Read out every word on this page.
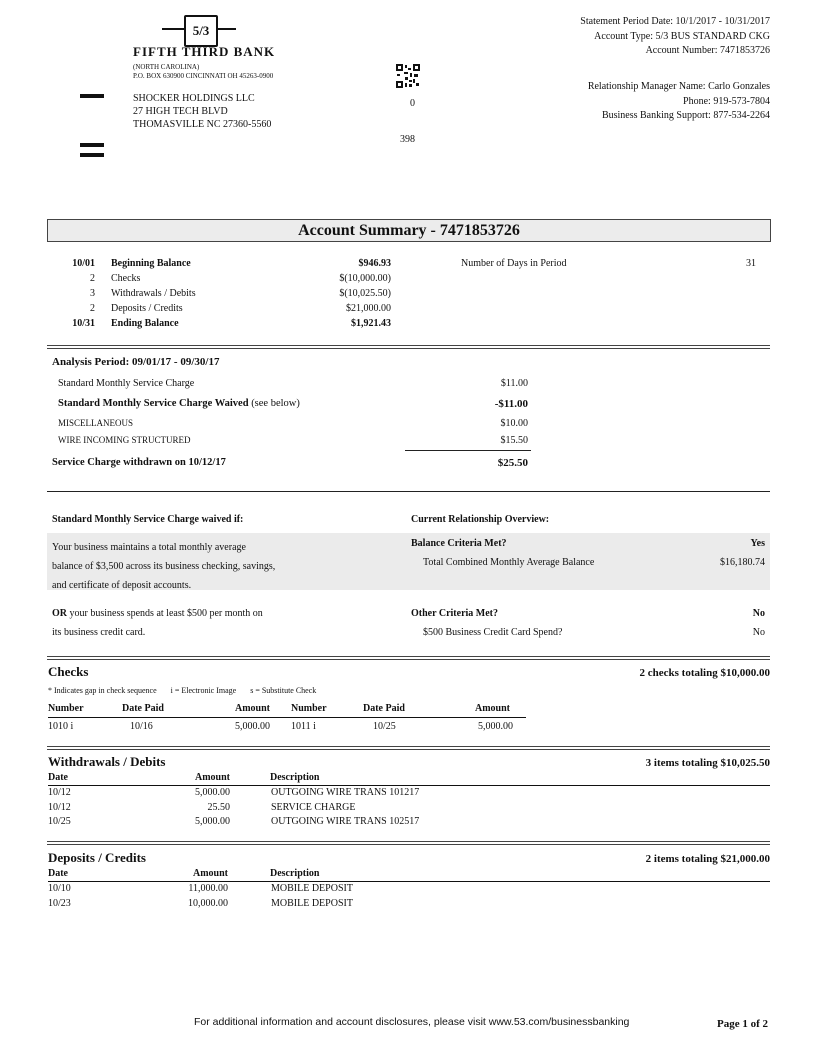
5/3
FIFTH THIRD BANK
(NORTH CAROLINA)
P.O. BOX 630900 CINCINNATI OH 45263-0900
SHOCKER HOLDINGS LLC
27 HIGH TECH BLVD
THOMASVILLE NC 27360-5560
0
398
Statement Period Date: 10/1/2017 - 10/31/2017
Account Type: 5/3 BUS STANDARD CKG
Account Number: 7471853726
Relationship Manager Name: Carlo Gonzales
Phone: 919-573-7804
Business Banking Support: 877-534-2264
Account Summary - 7471853726
10/01 Beginning Balance	$946.93
2 Checks	$(10,000.00)
3 Withdrawals / Debits	$(10,025.50)
2 Deposits / Credits	$21,000.00
10/31 Ending Balance	$1,921.43
Number of Days in Period	31
Analysis Period: 09/01/17 - 09/30/17
Standard Monthly Service Charge	$11.00
Standard Monthly Service Charge Waived (see below)	-$11.00
MISCELLANEOUS	$10.00
WIRE INCOMING STRUCTURED	$15.50
Service Charge withdrawn on 10/12/17	$25.50
Standard Monthly Service Charge waived if:	Current Relationship Overview:
Your business maintains a total monthly average
balance of $3,500 across its business checking, savings,
and certificate of deposit accounts.
Balance Criteria Met?	Yes
Total Combined Monthly Average Balance	$16,180.74
OR your business spends at least $500 per month on
its business credit card.
Other Criteria Met?	No
$500 Business Credit Card Spend?	No
Checks	2 checks totaling $10,000.00
* Indicates gap in check sequence i = Electronic Image s = Substitute Check
Number	Date Paid	Amount Number	Date Paid	Amount
1010 i	10/16	5,000.00 1011 i	10/25	5,000.00
Withdrawals / Debits	3 items totaling $10,025.50
Date	Amount	Description
10/12	5,000.00	OUTGOING WIRE TRANS 101217
10/12	25.50	SERVICE CHARGE
10/25	5,000.00	OUTGOING WIRE TRANS 102517
Deposits / Credits	2 items totaling $21,000.00
Date	Amount	Description
10/10	11,000.00	MOBILE DEPOSIT
10/23	10,000.00	MOBILE DEPOSIT
For additional information and account disclosures, please visit www.53.com/businessbanking	Page 1 of 2
